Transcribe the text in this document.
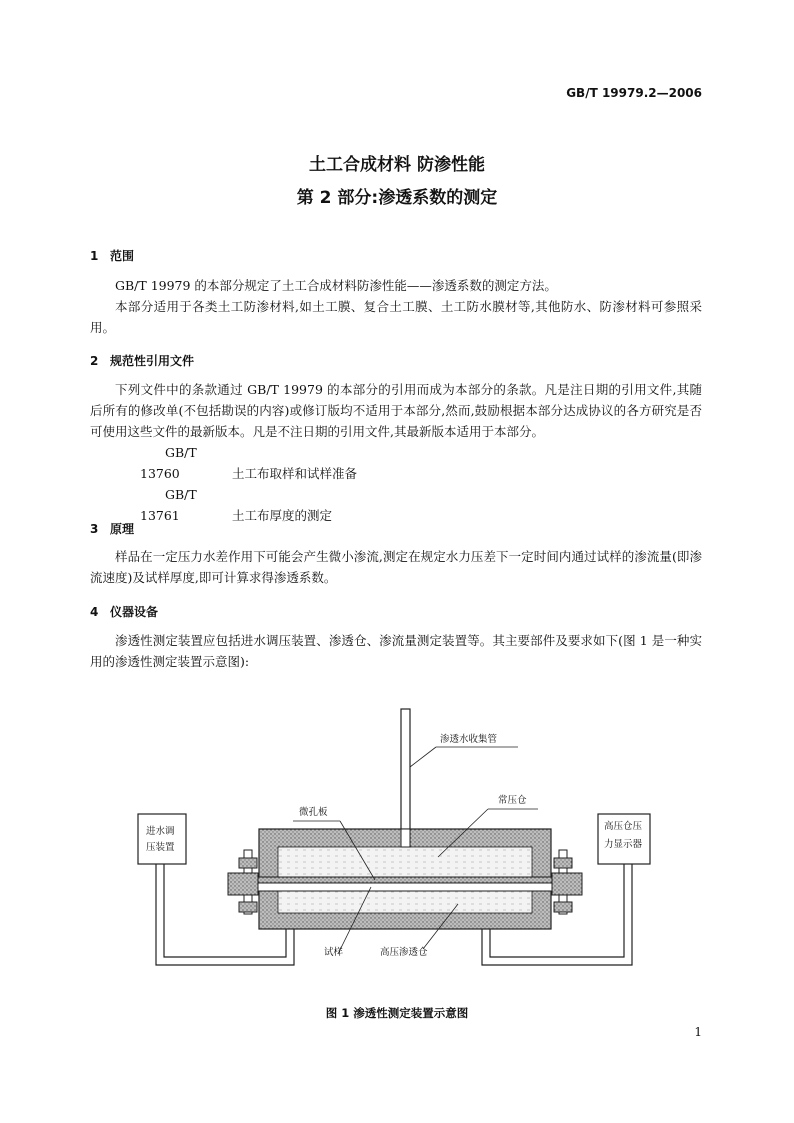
GB/T 19979.2—2006
土工合成材料 防渗性能
第 2 部分:渗透系数的测定
1 范围

GB/T 19979 的本部分规定了土工合成材料防渗性能——渗透系数的测定方法。

本部分适用于各类土工防渗材料,如土工膜、复合土工膜、土工防水膜材等,其他防水、防渗材料可参照采用。

2 规范性引用文件

下列文件中的条款通过 GB/T 19979 的本部分的引用而成为本部分的条款。凡是注日期的引用文件,其随后所有的修改单(不包括勘误的内容)或修订版均不适用于本部分,然而,鼓励根据本部分达成协议的各方研究是否可使用这些文件的最新版本。凡是不注日期的引用文件,其最新版本适用于本部分。

GB/T 13760	土工布取样和试样准备

GB/T 13761	土工布厚度的测定

3 原理

样品在一定压力水差作用下可能会产生微小渗流,测定在规定水力压差下一定时间内通过试样的渗流量(即渗流速度)及试样厚度,即可计算求得渗透系数。

4 仪器设备

渗透性测定装置应包括进水调压装置、渗透仓、渗流量测定装置等。其主要部件及要求如下(图 1 是一种实用的渗透性测定装置示意图):

渗透水收集管
常压仓
微孔板
进水调
压装置
高压仓压
力显示器
试样	高压渗透仓
图 1 渗透性测定装置示意图
1
